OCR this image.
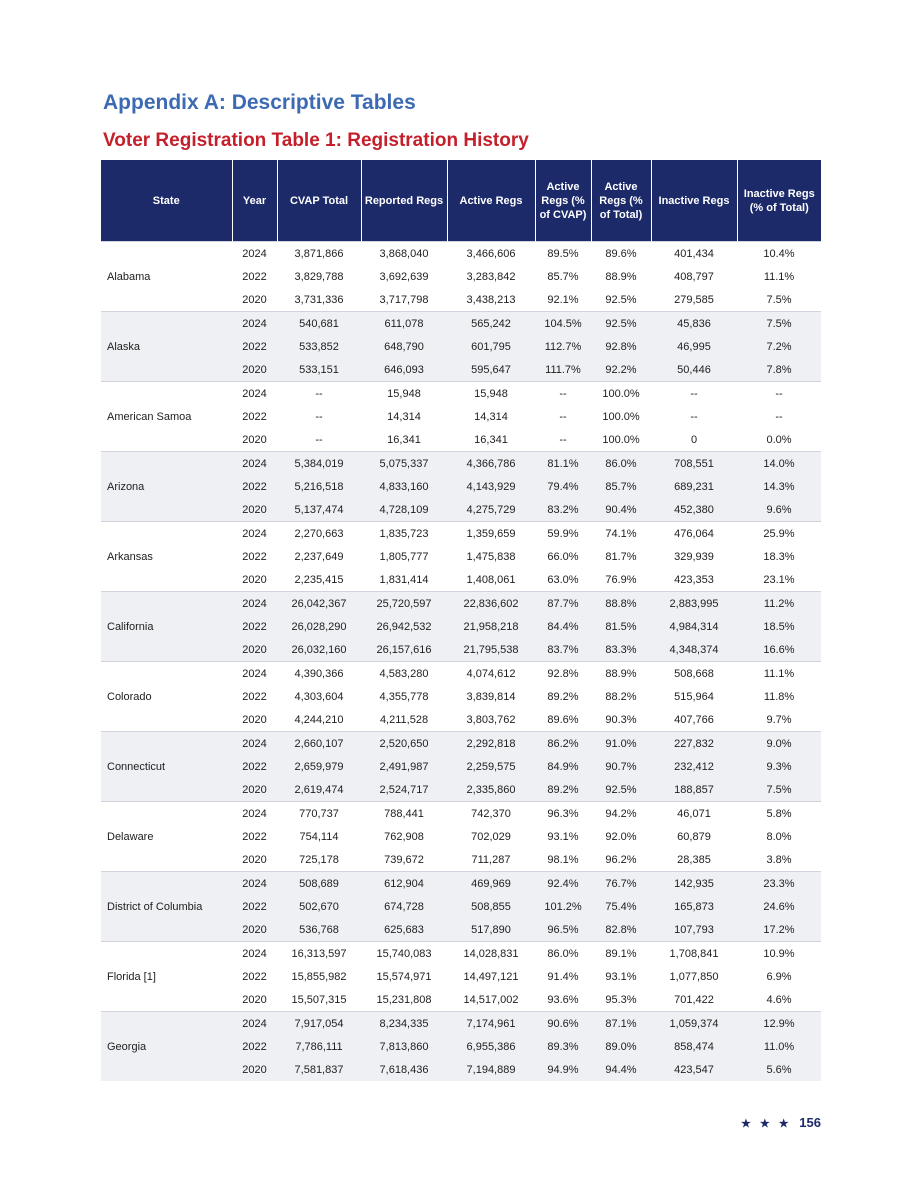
Appendix A: Descriptive Tables
Voter Registration Table 1: Registration History
State	Year	CVAP Total	Reported Regs	Active Regs	Active Regs (% of CVAP)	Active Regs (% of Total)	Inactive Regs	Inactive Regs (% of Total)
Alabama	2024	3,871,866	3,868,040	3,466,606	89.5%	89.6%	401,434	10.4%
	2022	3,829,788	3,692,639	3,283,842	85.7%	88.9%	408,797	11.1%
	2020	3,731,336	3,717,798	3,438,213	92.1%	92.5%	279,585	7.5%
Alaska	2024	540,681	611,078	565,242	104.5%	92.5%	45,836	7.5%
	2022	533,852	648,790	601,795	112.7%	92.8%	46,995	7.2%
	2020	533,151	646,093	595,647	111.7%	92.2%	50,446	7.8%
American Samoa	2024	--	15,948	15,948	--	100.0%	--	--
	2022	--	14,314	14,314	--	100.0%	--	--
	2020	--	16,341	16,341	--	100.0%	0	0.0%
Arizona	2024	5,384,019	5,075,337	4,366,786	81.1%	86.0%	708,551	14.0%
	2022	5,216,518	4,833,160	4,143,929	79.4%	85.7%	689,231	14.3%
	2020	5,137,474	4,728,109	4,275,729	83.2%	90.4%	452,380	9.6%
Arkansas	2024	2,270,663	1,835,723	1,359,659	59.9%	74.1%	476,064	25.9%
	2022	2,237,649	1,805,777	1,475,838	66.0%	81.7%	329,939	18.3%
	2020	2,235,415	1,831,414	1,408,061	63.0%	76.9%	423,353	23.1%
California	2024	26,042,367	25,720,597	22,836,602	87.7%	88.8%	2,883,995	11.2%
	2022	26,028,290	26,942,532	21,958,218	84.4%	81.5%	4,984,314	18.5%
	2020	26,032,160	26,157,616	21,795,538	83.7%	83.3%	4,348,374	16.6%
Colorado	2024	4,390,366	4,583,280	4,074,612	92.8%	88.9%	508,668	11.1%
	2022	4,303,604	4,355,778	3,839,814	89.2%	88.2%	515,964	11.8%
	2020	4,244,210	4,211,528	3,803,762	89.6%	90.3%	407,766	9.7%
Connecticut	2024	2,660,107	2,520,650	2,292,818	86.2%	91.0%	227,832	9.0%
	2022	2,659,979	2,491,987	2,259,575	84.9%	90.7%	232,412	9.3%
	2020	2,619,474	2,524,717	2,335,860	89.2%	92.5%	188,857	7.5%
Delaware	2024	770,737	788,441	742,370	96.3%	94.2%	46,071	5.8%
	2022	754,114	762,908	702,029	93.1%	92.0%	60,879	8.0%
	2020	725,178	739,672	711,287	98.1%	96.2%	28,385	3.8%
District of Columbia	2024	508,689	612,904	469,969	92.4%	76.7%	142,935	23.3%
	2022	502,670	674,728	508,855	101.2%	75.4%	165,873	24.6%
	2020	536,768	625,683	517,890	96.5%	82.8%	107,793	17.2%
Florida [1]	2024	16,313,597	15,740,083	14,028,831	86.0%	89.1%	1,708,841	10.9%
	2022	15,855,982	15,574,971	14,497,121	91.4%	93.1%	1,077,850	6.9%
	2020	15,507,315	15,231,808	14,517,002	93.6%	95.3%	701,422	4.6%
Georgia	2024	7,917,054	8,234,335	7,174,961	90.6%	87.1%	1,059,374	12.9%
	2022	7,786,111	7,813,860	6,955,386	89.3%	89.0%	858,474	11.0%
	2020	7,581,837	7,618,436	7,194,889	94.9%	94.4%	423,547	5.6%
★ ★ ★ 156
